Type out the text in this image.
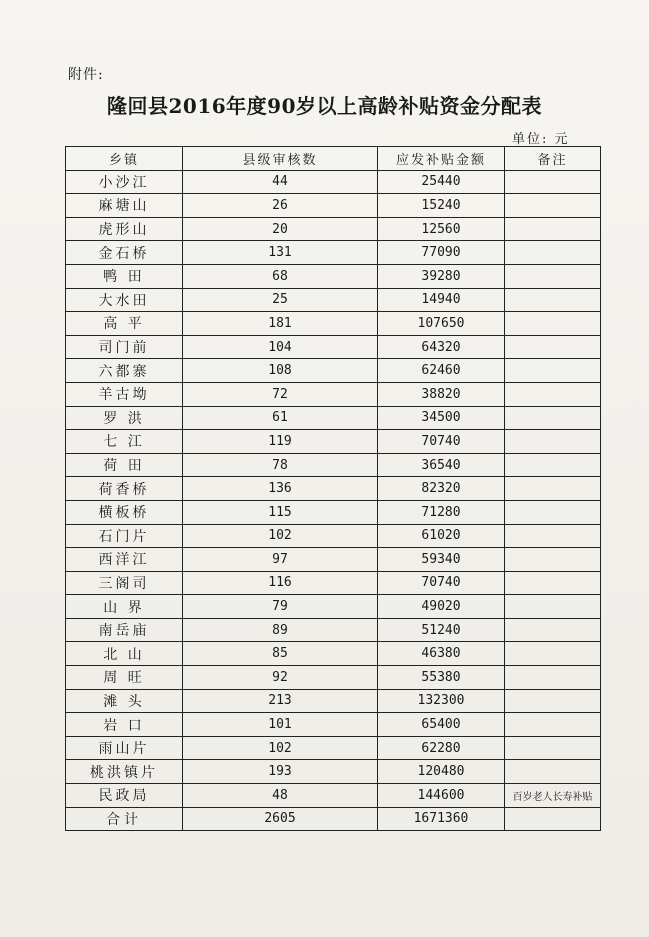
附件:
隆回县2016年度90岁以上高龄补贴资金分配表
单位: 元
乡镇	县级审核数	应发补贴金额	备注
小沙江	44	25440	
麻塘山	26	15240	
虎形山	20	12560	
金石桥	131	77090	
鸭 田	68	39280	
大水田	25	14940	
高 平	181	107650	
司门前	104	64320	
六都寨	108	62460	
羊古坳	72	38820	
罗 洪	61	34500	
七 江	119	70740	
荷 田	78	36540	
荷香桥	136	82320	
横板桥	115	71280	
石门片	102	61020	
西洋江	97	59340	
三阁司	116	70740	
山 界	79	49020	
南岳庙	89	51240	
北 山	85	46380	
周 旺	92	55380	
滩 头	213	132300	
岩 口	101	65400	
雨山片	102	62280	
桃洪镇片	193	120480	
民政局	48	144600	百岁老人长寿补贴
合计	2605	1671360	
